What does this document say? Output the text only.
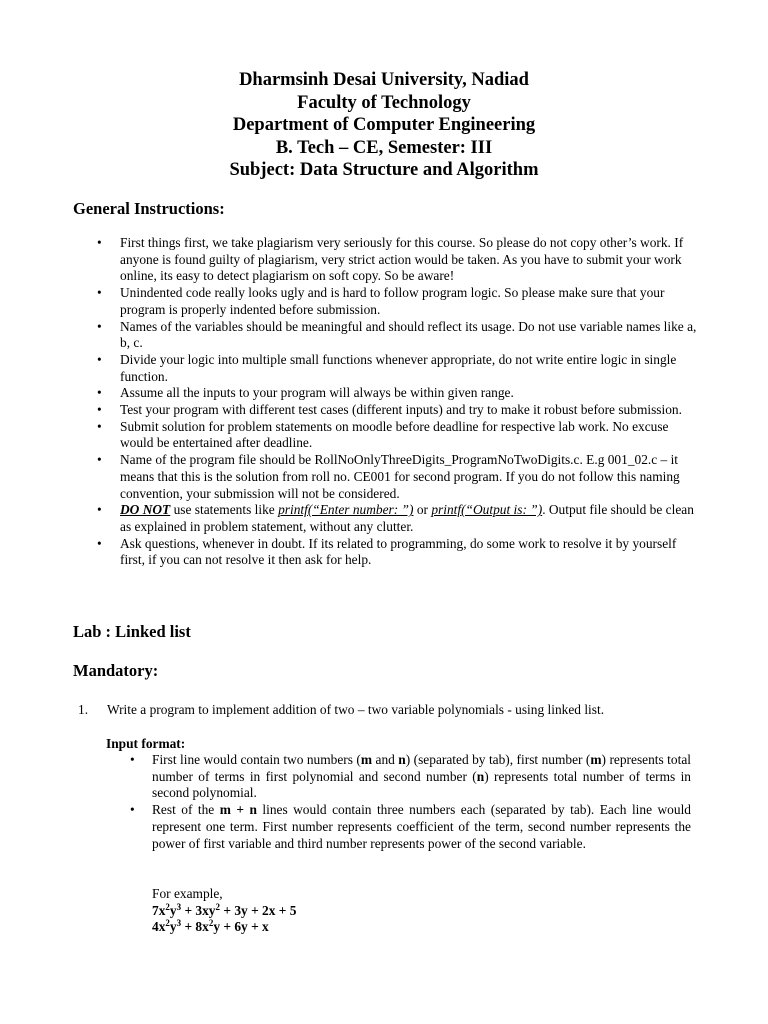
Dharmsinh Desai University, Nadiad
Faculty of Technology
Department of Computer Engineering
B. Tech – CE, Semester: III
Subject: Data Structure and Algorithm
General Instructions:
• First things first, we take plagiarism very seriously for this course. So please do not copy other’s work. If anyone is found guilty of plagiarism, very strict action would be taken. As you have to submit your work online, its easy to detect plagiarism on soft copy. So be aware!
• Unindented code really looks ugly and is hard to follow program logic. So please make sure that your program is properly indented before submission.
• Names of the variables should be meaningful and should reflect its usage. Do not use variable names like a, b, c.
• Divide your logic into multiple small functions whenever appropriate, do not write entire logic in single function.
• Assume all the inputs to your program will always be within given range.
• Test your program with different test cases (different inputs) and try to make it robust before submission.
• Submit solution for problem statements on moodle before deadline for respective lab work. No excuse would be entertained after deadline.
• Name of the program file should be RollNoOnlyThreeDigits_ProgramNoTwoDigits.c. E.g 001_02.c – it means that this is the solution from roll no. CE001 for second program. If you do not follow this naming convention, your submission will not be considered.
• DO NOT use statements like printf(“Enter number: ”) or printf(“Output is: ”). Output file should be clean as explained in problem statement, without any clutter.
• Ask questions, whenever in doubt. If its related to programming, do some work to resolve it by yourself first, if you can not resolve it then ask for help.
Lab : Linked list
Mandatory:
1. Write a program to implement addition of two – two variable polynomials - using linked list.
Input format:
• First line would contain two numbers (m and n) (separated by tab), first number (m) represents total number of terms in first polynomial and second number (n) represents total number of terms in second polynomial.
• Rest of the m + n lines would contain three numbers each (separated by tab). Each line would represent one term. First number represents coefficient of the term, second number represents the power of first variable and third number represents power of the second variable.
For example,
$7x^2y^3 + 3xy^2 + 3y + 2x + 5$
$4x^2y^3 + 8x^2y + 6y + x$
